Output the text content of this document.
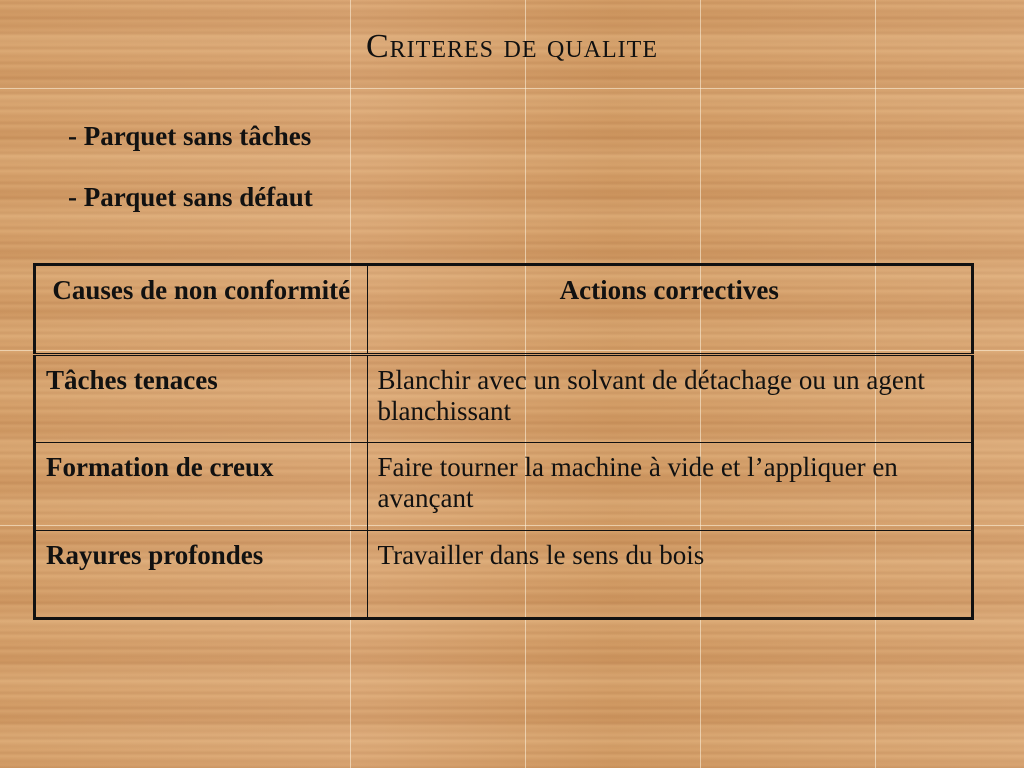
Criteres de qualite
- Parquet sans tâches
- Parquet sans défaut
Causes de non conformité	Actions correctives
Tâches tenaces	Blanchir avec un solvant de détachage ou un agent blanchissant
Formation de creux	Faire tourner la machine à vide et l’appliquer en avançant
Rayures profondes	Travailler dans le sens du bois
